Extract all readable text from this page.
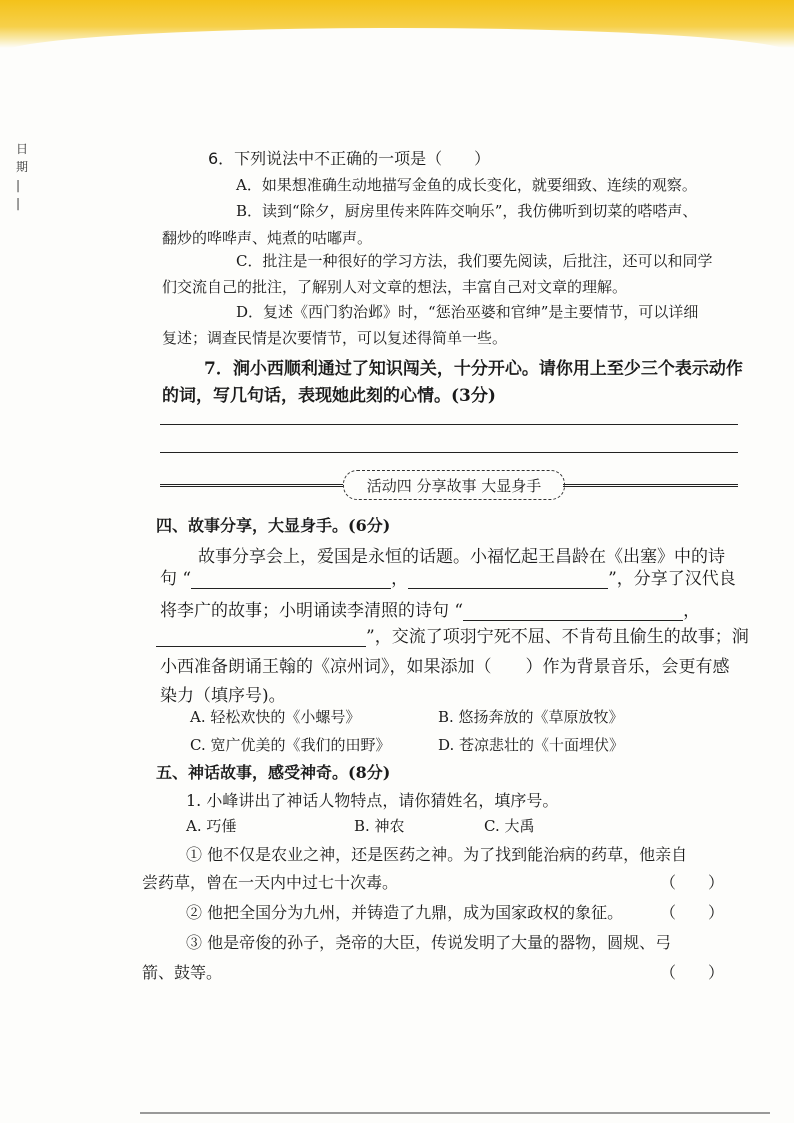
日
期
|
|
6．下列说法中不正确的一项是（　　）
A．如果想准确生动地描写金鱼的成长变化，就要细致、连续的观察。
B．读到“除夕，厨房里传来阵阵交响乐”，我仿佛听到切菜的嗒嗒声、
翻炒的哗哗声、炖煮的咕嘟声。
C．批注是一种很好的学习方法，我们要先阅读，后批注，还可以和同学
们交流自己的批注，了解别人对文章的想法，丰富自己对文章的理解。
D．复述《西门豹治邺》时，“惩治巫婆和官绅”是主要情节，可以详细
复述；调查民情是次要情节，可以复述得简单一些。
7．涧小西顺利通过了知识闯关，十分开心。请你用上至少三个表示动作
的词，写几句话，表现她此刻的心情。(3分)
活动四 分享故事 大显身手
四、故事分享，大显身手。(6分)
故事分享会上，爱国是永恒的话题。小福忆起王昌龄在《出塞》中的诗
句 “	，	”，分享了汉代良
将李广的故事；小明诵读李清照的诗句 “	，
”，交流了项羽宁死不屈、不肯苟且偷生的故事；涧
小西准备朗诵王翰的《凉州词》，如果添加（　　）作为背景音乐，会更有感
染力（填序号)。
A. 轻松欢快的《小螺号》	B. 悠扬奔放的《草原放牧》
C. 宽广优美的《我们的田野》	D. 苍凉悲壮的《十面埋伏》
五、神话故事，感受神奇。(8分)
1. 小峰讲出了神话人物特点，请你猜姓名，填序号。
A. 巧倕	B. 神农	C. 大禹
① 他不仅是农业之神，还是医药之神。为了找到能治病的药草，他亲自
尝药草，曾在一天内中过七十次毒。	（　　）
② 他把全国分为九州，并铸造了九鼎，成为国家政权的象征。 （　　）
③ 他是帝俊的孙子，尧帝的大臣，传说发明了大量的器物，圆规、弓
箭、鼓等。	（　　）
